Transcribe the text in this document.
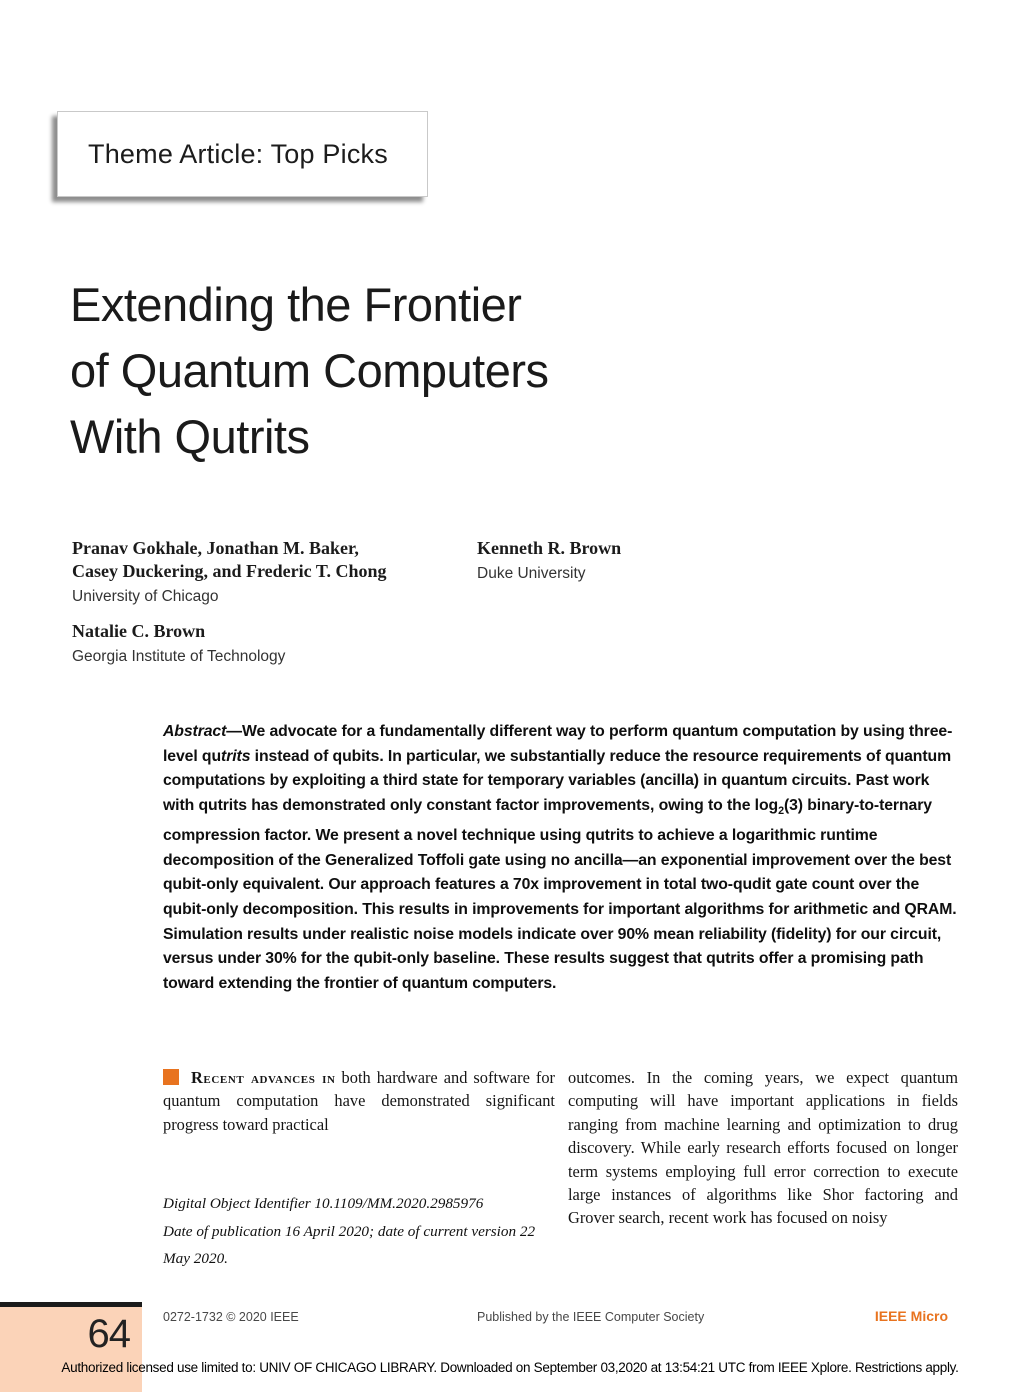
Theme Article: Top Picks
Extending the Frontier
of Quantum Computers
With Qutrits
Pranav Gokhale, Jonathan M. Baker,
Casey Duckering, and Frederic T. Chong
University of Chicago
Natalie C. Brown
Georgia Institute of Technology
Kenneth R. Brown
Duke University
Abstract—We advocate for a fundamentally different way to perform quantum computation by using three-level qutrits instead of qubits. In particular, we substantially reduce the resource requirements of quantum computations by exploiting a third state for temporary variables (ancilla) in quantum circuits. Past work with qutrits has demonstrated only constant factor improvements, owing to the $\log_2(3)$ binary-to-ternary compression factor. We present a novel technique using qutrits to achieve a logarithmic runtime decomposition of the Generalized Toffoli gate using no ancilla—an exponential improvement over the best qubit-only equivalent. Our approach features a 70x improvement in total two-qudit gate count over the qubit-only decomposition. This results in improvements for important algorithms for arithmetic and QRAM. Simulation results under realistic noise models indicate over 90% mean reliability (fidelity) for our circuit, versus under 30% for the qubit-only baseline. These results suggest that qutrits offer a promising path toward extending the frontier of quantum computers.
Recent advances in both hardware and software for quantum computation have demonstrated significant progress toward practical
outcomes. In the coming years, we expect quantum computing will have important applications in fields ranging from machine learning and optimization to drug discovery. While early research efforts focused on longer term systems employing full error correction to execute large instances of algorithms like Shor factoring and Grover search, recent work has focused on noisy
Digital Object Identifier 10.1109/MM.2020.2985976
Date of publication 16 April 2020; date of current version 22 May 2020.
64	0272-1732 © 2020 IEEE	Published by the IEEE Computer Society	IEEE Micro
Authorized licensed use limited to: UNIV OF CHICAGO LIBRARY. Downloaded on September 03,2020 at 13:54:21 UTC from IEEE Xplore. Restrictions apply.
